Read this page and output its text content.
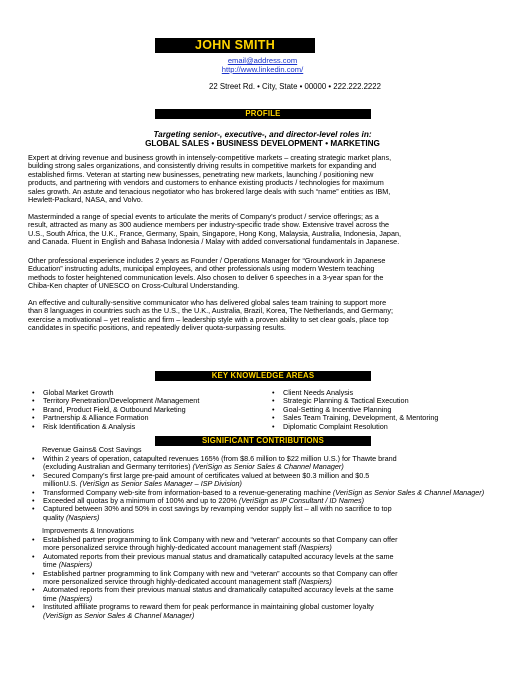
JOHN SMITH
email@address.com
http://www.linkedin.com/
22 Street Rd. • City, State • 00000 • 222.222.2222
PROFILE
Targeting senior-, executive-, and director-level roles in:
GLOBAL SALES • BUSINESS DEVELOPMENT • MARKETING
Expert at driving revenue and business growth in intensely-competitive markets – creating strategic market plans,
building strong sales organizations, and consistently driving results in competitive markets for expanding and
established firms. Veteran at starting new businesses, penetrating new markets, launching / positioning new
products, and partnering with vendors and customers to enhance existing products / technologies for maximum
sales growth. An astute and tenacious negotiator who has brokered large deals with such “name” entities as IBM,
Hewlett-Packard, NASA, and Volvo.
Masterminded a range of special events to articulate the merits of Company’s product / service offerings; as a
result, attracted as many as 300 audience members per industry-specific trade show. Extensive travel across the
U.S., South Africa, the U.K., France, Germany, Spain, Singapore, Hong Kong, Malaysia, Australia, Indonesia, Japan,
and Canada. Fluent in English and Bahasa Indonesia / Malay with added conversational fundamentals in Japanese.
Other professional experience includes 2 years as Founder / Operations Manager for “Groundwork in Japanese
Education” instructing adults, municipal employees, and other professionals using modern Western teaching
methods to foster heightened communication levels. Also chosen to deliver 6 speeches in a 3-year span for the
Chiba-Ken chapter of UNESCO on Cross-Cultural Understanding.
An effective and culturally-sensitive communicator who has delivered global sales team training to support more
than 8 languages in countries such as the U.S., the U.K., Australia, Brazil, Korea, The Netherlands, and Germany;
exercise a motivational – yet realistic and firm – leadership style with a proven ability to set clear goals, place top
candidates in specific positions, and repeatedly deliver quota-surpassing results.
KEY KNOWLEDGE AREAS
• Global Market Growth
• Territory Penetration/Development /Management
• Brand, Product Field, & Outbound Marketing
• Partnership & Alliance Formation
• Risk Identification & Analysis
• Client Needs Analysis
• Strategic Planning & Tactical Execution
• Goal-Setting & Incentive Planning
• Sales Team Training, Development, & Mentoring
• Diplomatic Complaint Resolution
SIGNIFICANT CONTRIBUTIONS
Revenue Gains& Cost Savings
• Within 2 years of operation, catapulted revenues 165% (from $8.6 million to $22 million U.S.) for Thawte brand
(excluding Australian and Germany territories) (VeriSign as Senior Sales & Channel Manager)
• Secured Company’s first large pre-paid amount of certificates valued at between $0.3 million and $0.5
millionU.S. (VeriSign as Senior Sales Manager – ISP Division)
• Transformed Company web-site from information-based to a revenue-generating machine (VeriSign as Senior Sales & Channel Manager)
• Exceeded all quotas by a minimum of 100% and up to 220% (VeriSign as IP Consultant / ID Names)
• Captured between 30% and 50% in cost savings by revamping vendor supply list – all with no sacrifice to top
quality (Naspiers)
Improvements & Innovations
• Established partner programming to link Company with new and “veteran” accounts so that Company can offer
more personalized service through highly-dedicated account management staff (Naspiers)
• Automated reports from their previous manual status and dramatically catapulted accuracy levels at the same
time (Naspiers)
• Established partner programming to link Company with new and “veteran” accounts so that Company can offer
more personalized service through highly-dedicated account management staff (Naspiers)
• Automated reports from their previous manual status and dramatically catapulted accuracy levels at the same
time (Naspiers)
• Instituted affiliate programs to reward them for peak performance in maintaining global customer loyalty
(VeriSign as Senior Sales & Channel Manager)
